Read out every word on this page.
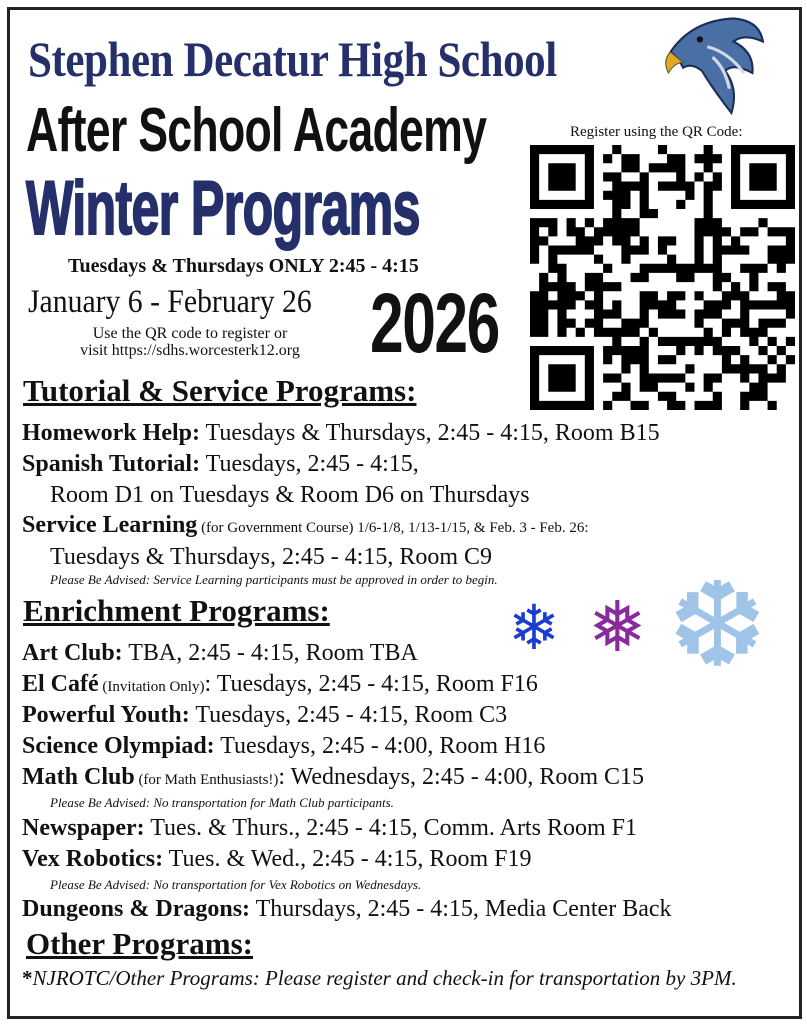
Stephen Decatur High School
After School Academy
Winter Programs
Tuesdays & Thursdays ONLY 2:45 - 4:15
January 6 - February 26 2026
Use the QR code to register or
visit https://sdhs.worcesterk12.org
Register using the QR Code:
Tutorial & Service Programs:
Homework Help: Tuesdays & Thursdays, 2:45 - 4:15, Room B15
Spanish Tutorial: Tuesdays, 2:45 - 4:15,
Room D1 on Tuesdays & Room D6 on Thursdays
Service Learning (for Government Course) 1/6-1/8, 1/13-1/15, & Feb. 3 - Feb. 26:
Tuesdays & Thursdays, 2:45 - 4:15, Room C9
Please Be Advised: Service Learning participants must be approved in order to begin.
Enrichment Programs:	❄ ❅ ❆
Art Club: TBA, 2:45 - 4:15, Room TBA
El Café (Invitation Only): Tuesdays, 2:45 - 4:15, Room F16
Powerful Youth: Tuesdays, 2:45 - 4:15, Room C3
Science Olympiad: Tuesdays, 2:45 - 4:00, Room H16
Math Club (for Math Enthusiasts!): Wednesdays, 2:45 - 4:00, Room C15
Please Be Advised: No transportation for Math Club participants.
Newspaper: Tues. & Thurs., 2:45 - 4:15, Comm. Arts Room F1
Vex Robotics: Tues. & Wed., 2:45 - 4:15, Room F19
Please Be Advised: No transportation for Vex Robotics on Wednesdays.
Dungeons & Dragons: Thursdays, 2:45 - 4:15, Media Center Back
Other Programs:
*NJROTC/Other Programs: Please register and check-in for transportation by 3PM.
